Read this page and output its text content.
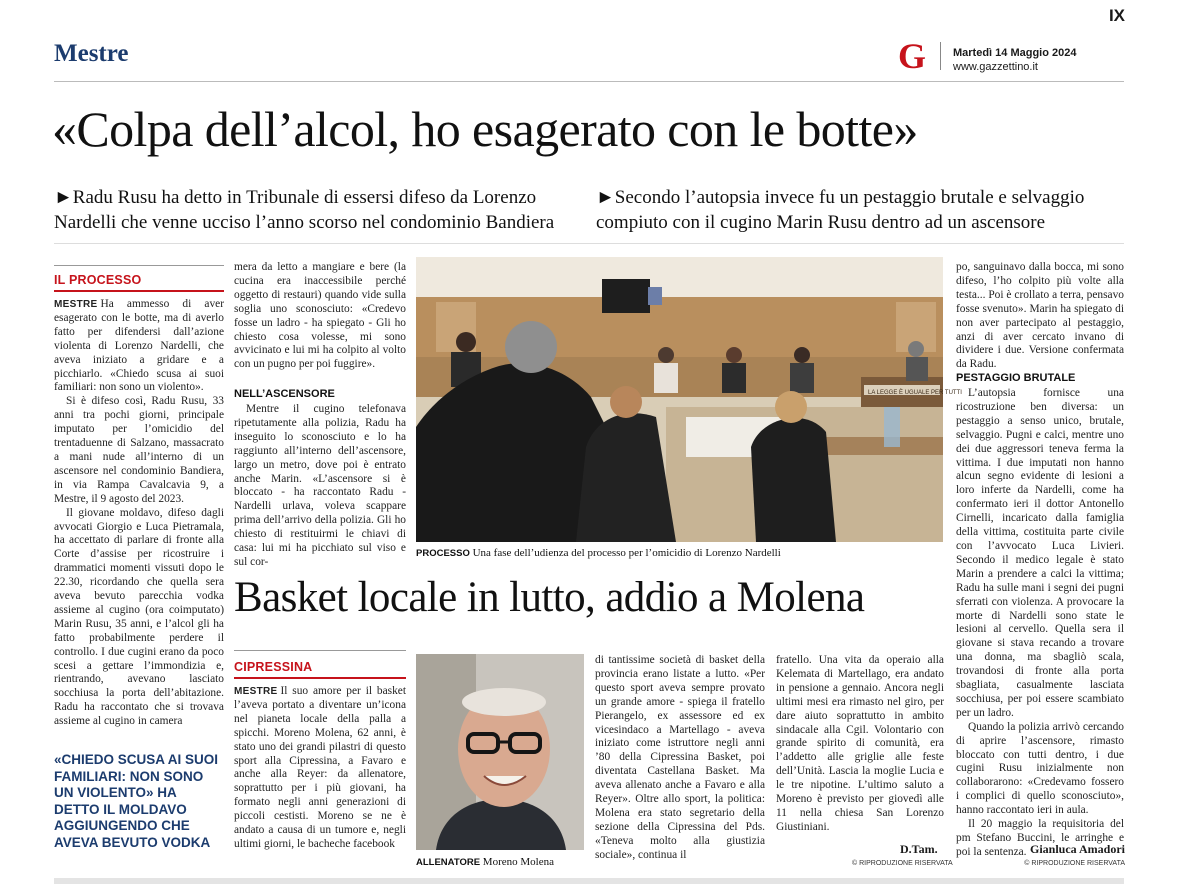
IX
Mestre	G Martedì 14 Maggio 2024
www.gazzettino.it
«Colpa dell’alcol, ho esagerato con le botte»
►Radu Rusu ha detto in Tribunale di essersi difeso da Lorenzo Nardelli che venne ucciso l’anno scorso nel condominio Bandiera
►Secondo l’autopsia invece fu un pestaggio brutale e selvaggio compiuto con il cugino Marin Rusu dentro ad un ascensore
IL PROCESSO

MESTRE Ha ammesso di aver esagerato con le botte, ma di averlo fatto per difendersi dall’azione violenta di Lorenzo Nardelli, che aveva iniziato a gridare e a picchiarlo. «Chiedo scusa ai suoi familiari: non sono un violento».

Si è difeso così, Radu Rusu, 33 anni tra pochi giorni, principale imputato per l’omicidio del trentaduenne di Salzano, massacrato a mani nude all’interno di un ascensore nel condominio Bandiera, in via Rampa Cavalcavia 9, a Mestre, il 9 agosto del 2023.

Il giovane moldavo, difeso dagli avvocati Giorgio e Luca Pietramala, ha accettato di parlare di fronte alla Corte d’assise per ricostruire i drammatici momenti vissuti dopo le 22.30, ricordando che quella sera aveva bevuto parecchia vodka assieme al cugino (ora coimputato) Marin Rusu, 35 anni, e l’alcol gli ha fatto probabilmente perdere il controllo. I due cugini erano da poco scesi a gettare l’immondizia e, rientrando, avevano lasciato socchiusa la porta dell’abitazione. Radu ha raccontato che si trovava assieme al cugino in camera

«CHIEDO SCUSA AI SUOI FAMILIARI: NON SONO UN VIOLENTO» HA DETTO IL MOLDAVO AGGIUNGENDO CHE AVEVA BEVUTO VODKA

mera da letto a mangiare e bere (la cucina era inaccessibile perché oggetto di restauri) quando vide sulla soglia uno sconosciuto: «Credevo fosse un ladro - ha spiegato - Gli ho chiesto cosa volesse, mi sono avvicinato e lui mi ha colpito al volto con un pugno per poi fuggire».

NELL’ASCENSORE

Mentre il cugino telefonava ripetutamente alla polizia, Radu ha inseguito lo sconosciuto e lo ha raggiunto all’interno dell’ascensore, largo un metro, dove poi è entrato anche Marin. «L’ascensore si è bloccato - ha raccontato Radu - Nardelli urlava, voleva scappare prima dell’arrivo della polizia. Gli ho chiesto di restituirmi le chiavi di casa: lui mi ha picchiato sul viso e sul cor-

LA LEGGE È UGUALE PER TUTTI
PROCESSO Una fase dell’udienza del processo per l’omicidio di Lorenzo Nardelli

po, sanguinavo dalla bocca, mi sono difeso, l’ho colpito più volte alla testa... Poi è crollato a terra, pensavo fosse svenuto». Marin ha spiegato di non aver partecipato al pestaggio, anzi di aver cercato invano di dividere i due. Versione confermata da Radu.

PESTAGGIO BRUTALE

L’autopsia fornisce una ricostruzione ben diversa: un pestaggio a senso unico, brutale, selvaggio. Pugni e calci, mentre uno dei due aggressori teneva ferma la vittima. I due imputati non hanno alcun segno evidente di lesioni a loro inferte da Nardelli, come ha confermato ieri il dottor Antonello Cirnelli, incaricato dalla famiglia della vittima, costituita parte civile con l’avvocato Luca Livieri. Secondo il medico legale è stato Marin a prendere a calci la vittima; Radu ha sulle mani i segni dei pugni sferrati con violenza. A provocare la morte di Nardelli sono state le lesioni al cervello. Quella sera il giovane si stava recando a trovare una donna, ma sbagliò scala, trovandosi di fronte alla porta sbagliata, casualmente lasciata socchiusa, per poi essere scambiato per un ladro.

Quando la polizia arrivò cercando di aprire l’ascensore, rimasto bloccato con tutti dentro, i due cugini Rusu inizialmente non collaborarono: «Credevamo fossero i complici di quello sconosciuto», hanno raccontato ieri in aula.

Il 20 maggio la requisitoria del pm Stefano Buccini, le arringhe e poi la sentenza. Gianluca Amadori
© RIPRODUZIONE RISERVATA
Basket locale in lutto, addio a Molena
CIPRESSINA

MESTRE Il suo amore per il basket l’aveva portato a diventare un’icona nel pianeta locale della palla a spicchi. Moreno Molena, 62 anni, è stato uno dei grandi pilastri di questo sport alla Cipressina, a Favaro e anche alla Reyer: da allenatore, soprattutto per i più giovani, ha formato negli anni generazioni di piccoli cestisti. Moreno se ne è andato a causa di un tumore e, negli ultimi giorni, le bacheche facebook

ALLENATORE Moreno Molena

di tantissime società di basket della provincia erano listate a lutto. «Per questo sport aveva sempre provato un grande amore - spiega il fratello Pierangelo, ex assessore ed ex vicesindaco a Martellago - aveva iniziato come istruttore negli anni ’80 della Cipressina Basket, poi diventata Castellana Basket. Ma aveva allenato anche a Favaro e alla Reyer». Oltre allo sport, la politica: Molena era stato segretario della sezione della Cipressina del Pds. «Teneva molto alla giustizia sociale», continua il

fratello. Una vita da operaio alla Kelemata di Martellago, era andato in pensione a gennaio. Ancora negli ultimi mesi era rimasto nel giro, per dare aiuto soprattutto in ambito sindacale alla Cgil. Volontario con grande spirito di comunità, era l’addetto alle griglie alle feste dell’Unità. Lascia la moglie Lucia e le tre nipotine. L’ultimo saluto a Moreno è previsto per giovedì alle 11 nella chiesa San Lorenzo Giustiniani.

D.Tam.
© RIPRODUZIONE RISERVATA
